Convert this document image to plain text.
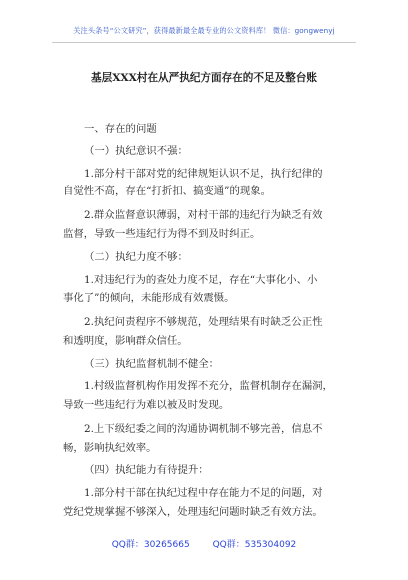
关注头条号“公文研究”，获得最新最全最专业的公文资料库！ 微信：gongwenyj
基层XXX村在从严执纪方面存在的不足及整台账
一、存在的问题
（一）执纪意识不强：
1.部分村干部对党的纪律规矩认识不足，执行纪律的
自觉性不高，存在“打折扣、搞变通”的现象。
2.群众监督意识薄弱，对村干部的违纪行为缺乏有效
监督，导致一些违纪行为得不到及时纠正。
（二）执纪力度不够：
1.对违纪行为的查处力度不足，存在“大事化小、小
事化了”的倾向，未能形成有效震慑。
2.执纪问责程序不够规范，处理结果有时缺乏公正性
和透明度，影响群众信任。
（三）执纪监督机制不健全：
1.村级监督机构作用发挥不充分，监督机制存在漏洞，
导致一些违纪行为难以被及时发现。
2.上下级纪委之间的沟通协调机制不够完善，信息不
畅，影响执纪效率。
（四）执纪能力有待提升：
1.部分村干部在执纪过程中存在能力不足的问题，对
党纪党规掌握不够深入，处理违纪问题时缺乏有效方法。
QQ群：30265665	QQ群：535304092
